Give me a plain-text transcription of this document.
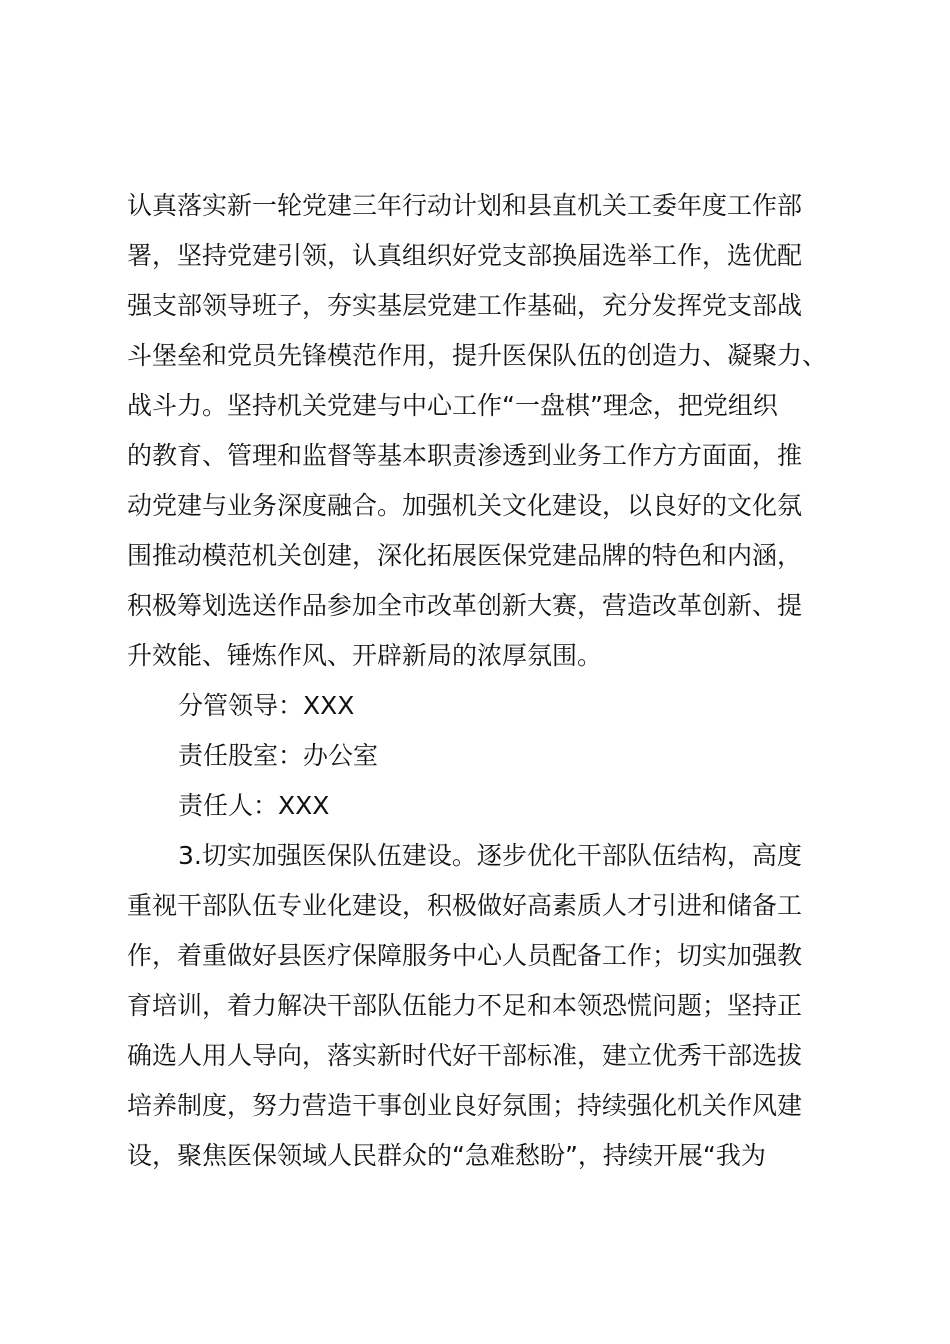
认真落实新一轮党建三年行动计划和县直机关工委年度工作部
署，坚持党建引领，认真组织好党支部换届选举工作，选优配
强支部领导班子，夯实基层党建工作基础，充分发挥党支部战
斗堡垒和党员先锋模范作用，提升医保队伍的创造力、凝聚力、
战斗力。坚持机关党建与中心工作“一盘棋”理念，把党组织
的教育、管理和监督等基本职责渗透到业务工作方方面面，推
动党建与业务深度融合。加强机关文化建设，以良好的文化氛
围推动模范机关创建，深化拓展医保党建品牌的特色和内涵，
积极筹划选送作品参加全市改革创新大赛，营造改革创新、提
升效能、锤炼作风、开辟新局的浓厚氛围。
分管领导：XXX
责任股室：办公室
责任人：XXX
3.切实加强医保队伍建设。逐步优化干部队伍结构，高度
重视干部队伍专业化建设，积极做好高素质人才引进和储备工
作，着重做好县医疗保障服务中心人员配备工作；切实加强教
育培训，着力解决干部队伍能力不足和本领恐慌问题；坚持正
确选人用人导向，落实新时代好干部标准，建立优秀干部选拔
培养制度，努力营造干事创业良好氛围；持续强化机关作风建
设，聚焦医保领域人民群众的“急难愁盼”，持续开展“我为
